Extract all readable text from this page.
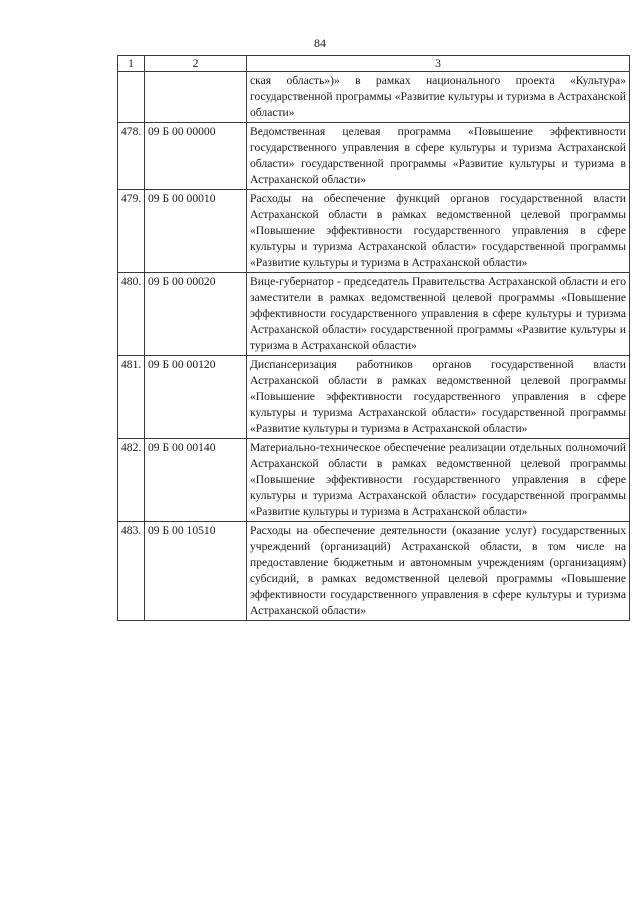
84
1	2	3
		ская область»)» в рамках национального проекта «Культура» государственной программы «Развитие культуры и туризма в Астраханской области»
478.	09 Б 00 00000	Ведомственная целевая программа «Повышение эффективности государственного управления в сфере культуры и туризма Астраханской области» государственной программы «Развитие культуры и туризма в Астраханской области»
479.	09 Б 00 00010	Расходы на обеспечение функций органов государственной власти Астраханской области в рамках ведомственной целевой программы «Повышение эффективности государственного управления в сфере культуры и туризма Астраханской области» государственной программы «Развитие культуры и туризма в Астраханской области»
480.	09 Б 00 00020	Вице-губернатор - председатель Правительства Астраханской области и его заместители в рамках ведомственной целевой программы «Повышение эффективности государственного управления в сфере культуры и туризма Астраханской области» государственной программы «Развитие культуры и туризма в Астраханской области»
481.	09 Б 00 00120	Диспансеризация работников органов государственной власти Астраханской области в рамках ведомственной целевой программы «Повышение эффективности государственного управления в сфере культуры и туризма Астраханской области» государственной программы «Развитие культуры и туризма в Астраханской области»
482.	09 Б 00 00140	Материально-техническое обеспечение реализации отдельных полномочий Астраханской области в рамках ведомственной целевой программы «Повышение эффективности государственного управления в сфере культуры и туризма Астраханской области» государственной программы «Развитие культуры и туризма в Астраханской области»
483.	09 Б 00 10510	Расходы на обеспечение деятельности (оказание услуг) государственных учреждений (организаций) Астраханской области, в том числе на предоставление бюджетным и автономным учреждениям (организациям) субсидий, в рамках ведомственной целевой программы «Повышение эффективности государственного управления в сфере культуры и туризма Астраханской области»
